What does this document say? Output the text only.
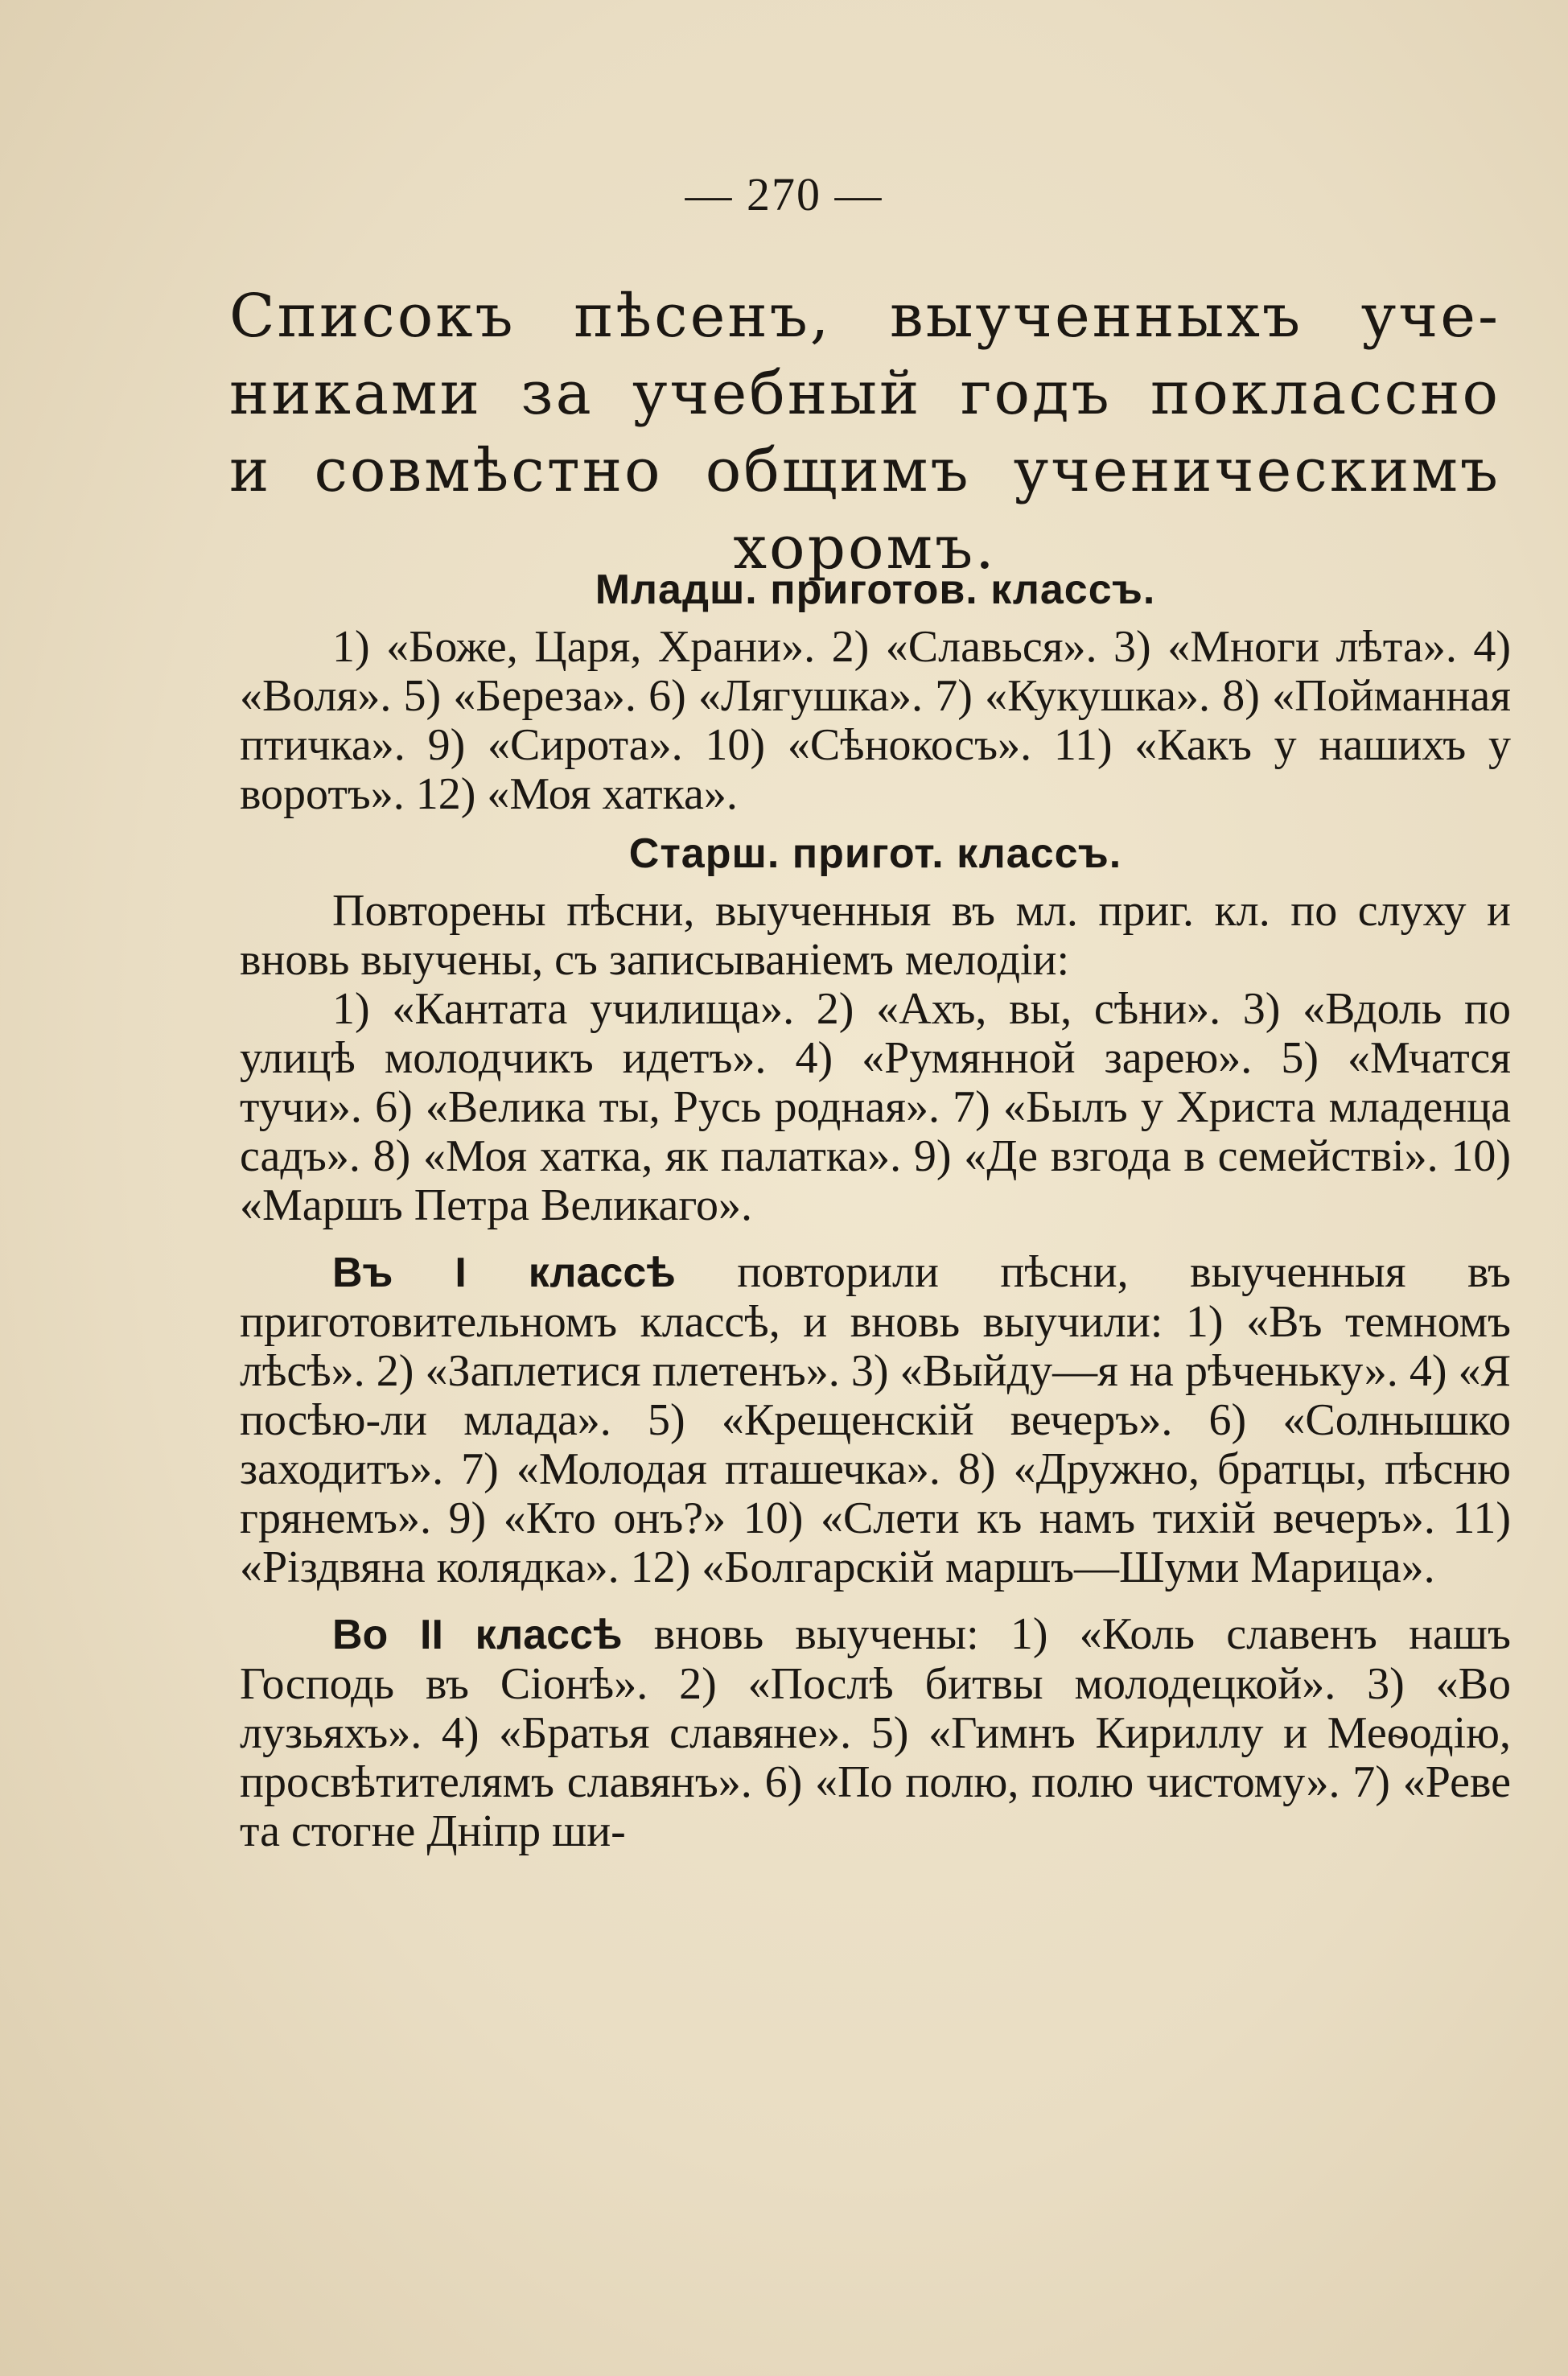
— 270 —
Списокъ пѣсенъ, выученныхъ уче-
никами за учебный годъ поклассно
и совмѣстно общимъ ученическимъ
хоромъ.
Младш. приготов. классъ.

1) «Боже, Царя, Храни». 2) «Славься». 3) «Многи лѣта». 4) «Воля». 5) «Береза». 6) «Лягушка». 7) «Кукушка». 8) «Пойманная птичка». 9) «Сирота». 10) «Сѣнокосъ». 11) «Какъ у нашихъ у воротъ». 12) «Моя хатка».

Старш. пригот. классъ.

Повторены пѣсни, выученныя въ мл. приг. кл. по слуху и вновь выучены, съ записываніемъ мелодіи:

1) «Кантата училища». 2) «Ахъ, вы, сѣни». 3) «Вдоль по улицѣ молодчикъ идетъ». 4) «Румянной зарею». 5) «Мчатся тучи». 6) «Велика ты, Русь родная». 7) «Былъ у Христа младенца садъ». 8) «Моя хатка, як палатка». 9) «Де взгода в семействі». 10) «Маршъ Петра Великаго».

Въ I классѣ повторили пѣсни, выученныя въ приготовительномъ классѣ, и вновь выучили: 1) «Въ темномъ лѣсѣ». 2) «Заплетися плетенъ». 3) «Выйду—я на рѣченьку». 4) «Я посѣю-ли млада». 5) «Крещенскій вечеръ». 6) «Солнышко заходитъ». 7) «Молодая пташечка». 8) «Дружно, братцы, пѣсню грянемъ». 9) «Кто онъ?» 10) «Слети къ намъ тихій вечеръ». 11) «Різдвяна колядка». 12) «Болгарскій маршъ—Шуми Марица».

Во II классѣ вновь выучены: 1) «Коль славенъ нашъ Господь въ Сіонѣ». 2) «Послѣ битвы молодецкой». 3) «Во лузьяхъ». 4) «Братья славяне». 5) «Гимнъ Кириллу и Меѳодію, просвѣтителямъ славянъ». 6) «По полю, полю чистому». 7) «Реве та стогне Дніпр ши-
